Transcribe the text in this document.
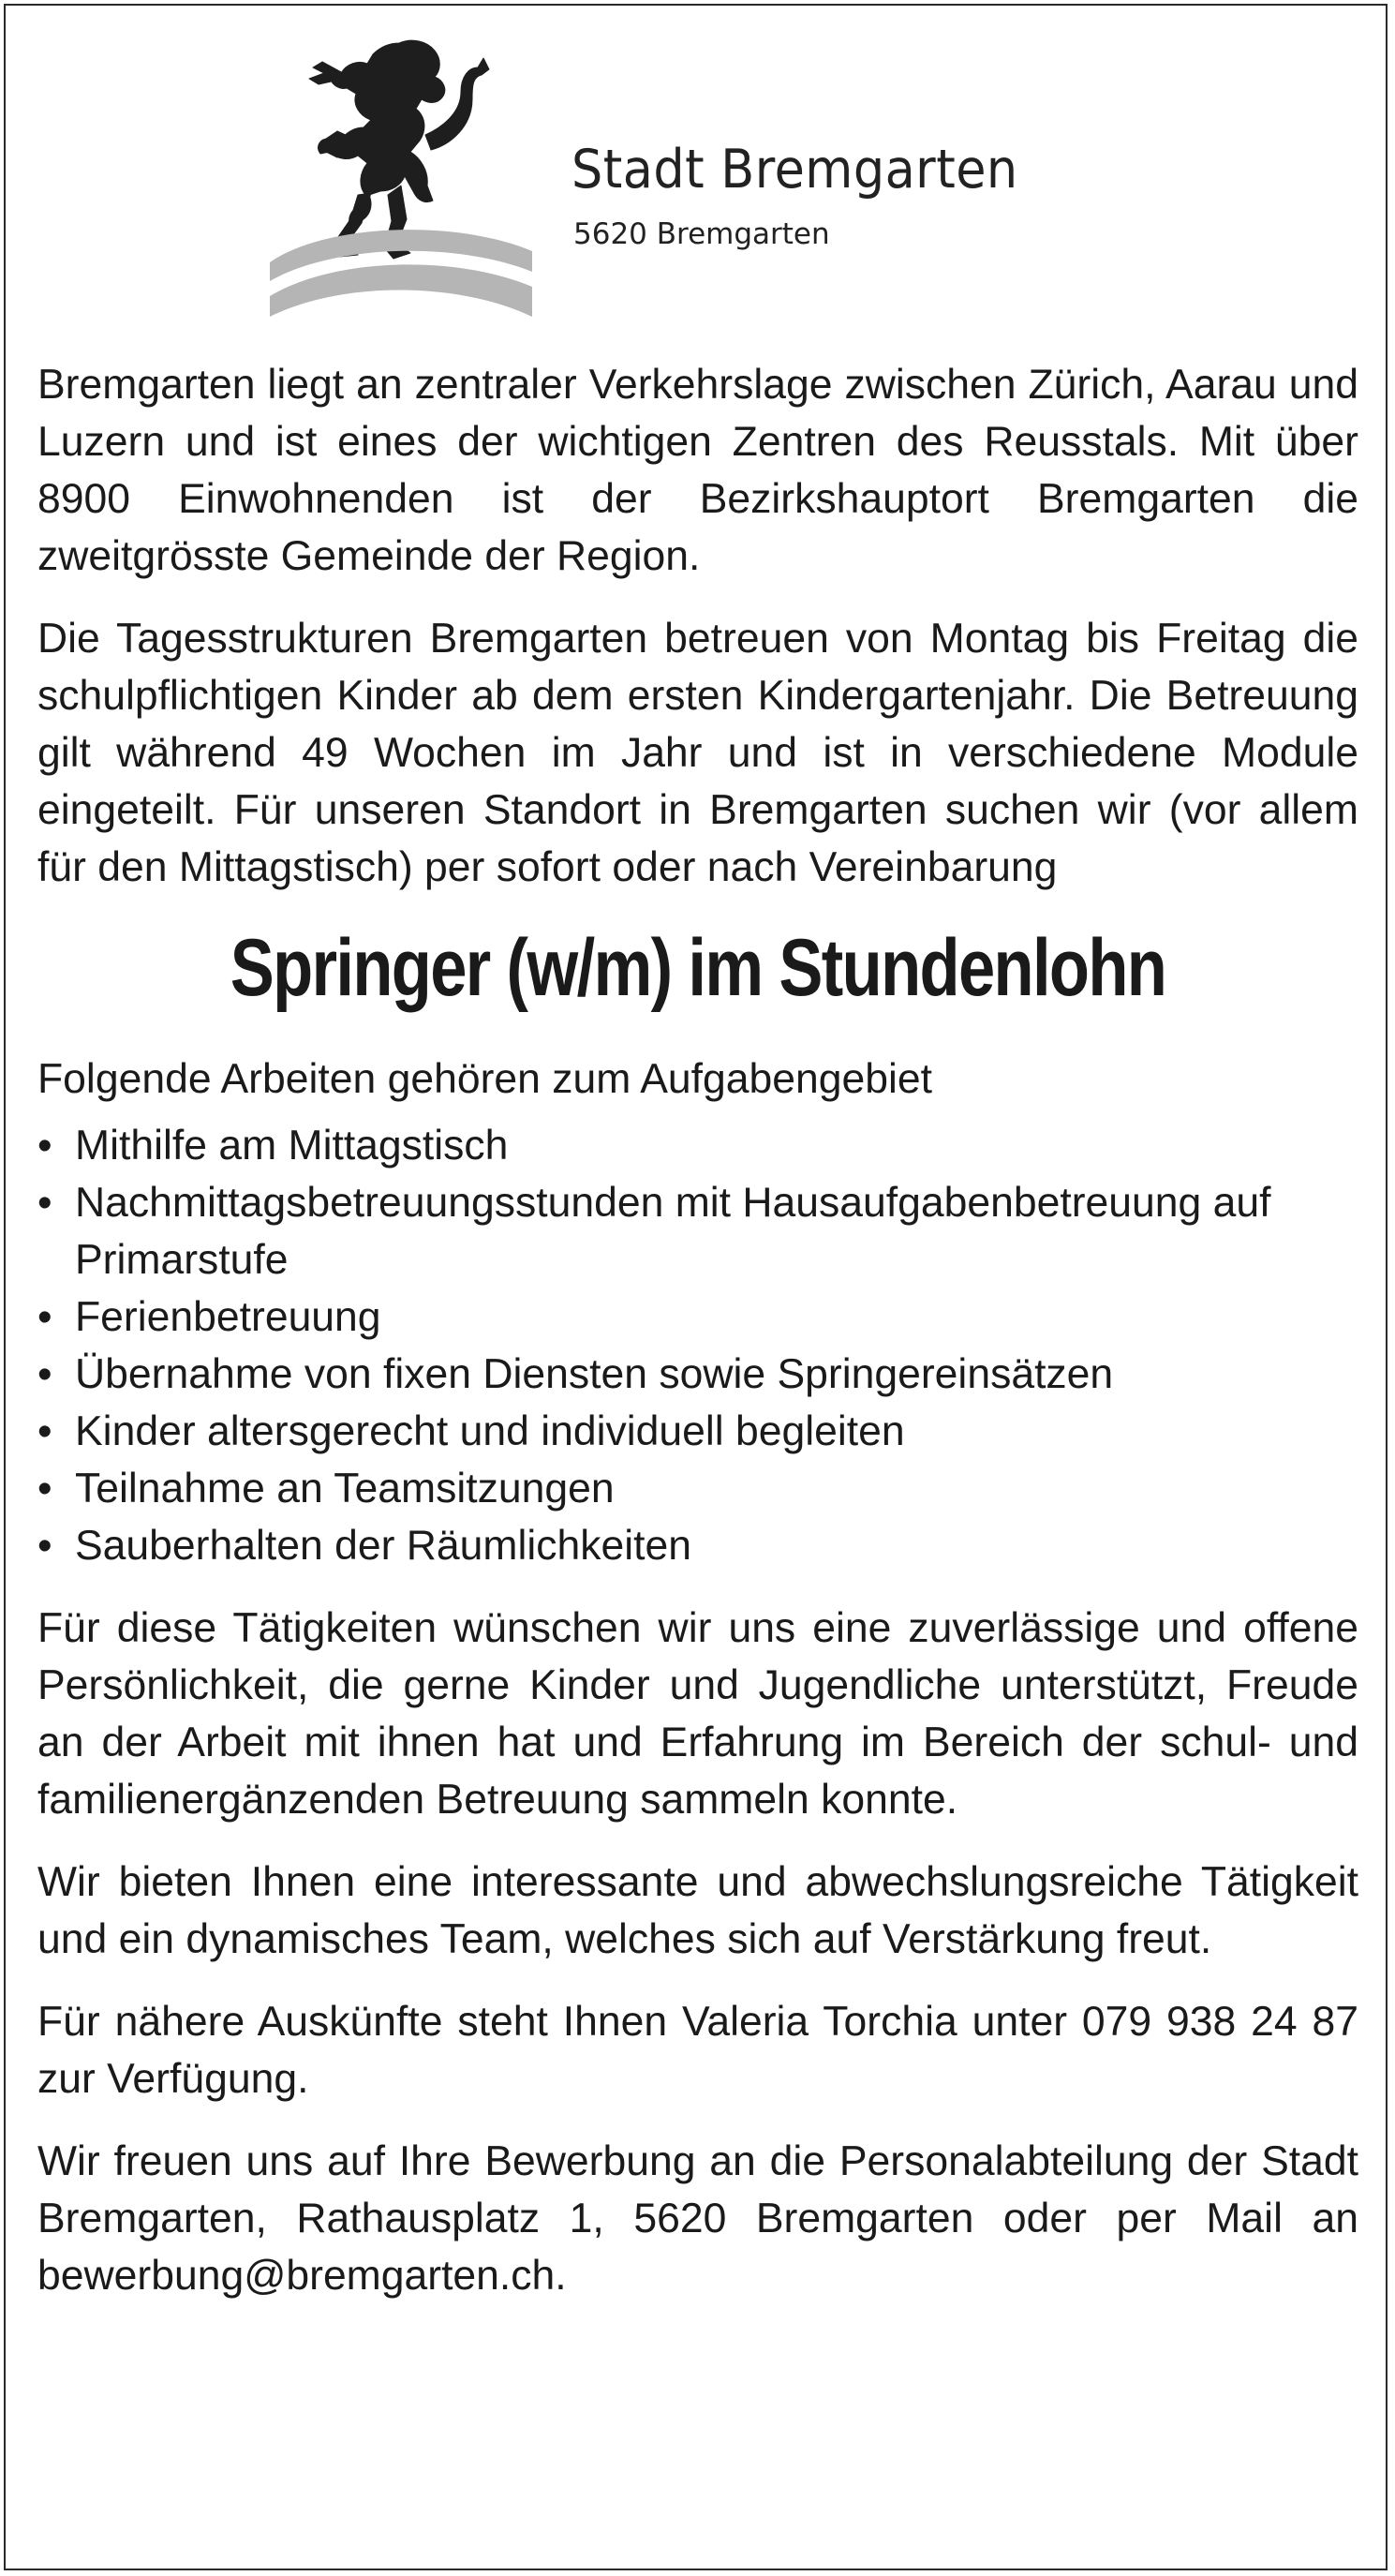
Stadt Bremgarten
5620 Bremgarten

Bremgarten liegt an zentraler Verkehrslage zwischen Zürich, Aarau und Luzern und ist eines der wichtigen Zentren des Reusstals. Mit über 8900 Einwohnenden ist der Bezirkshauptort Bremgarten die zweitgrösste Gemeinde der Region.

Die Tagesstrukturen Bremgarten betreuen von Montag bis Freitag die schulpflichtigen Kinder ab dem ersten Kindergartenjahr. Die Betreuung gilt während 49 Wochen im Jahr und ist in verschiedene Module eingeteilt. Für unseren Standort in Bremgarten suchen wir (vor allem für den Mittagstisch) per sofort oder nach Vereinbarung

Springer (w/m) im Stundenlohn
Folgende Arbeiten gehören zum Aufgabengebiet
• Mithilfe am Mittagstisch
• Nachmittagsbetreuungsstunden mit Hausaufgabenbetreuung auf Primarstufe
• Ferienbetreuung
• Übernahme von fixen Diensten sowie Springereinsätzen
• Kinder altersgerecht und individuell begleiten
• Teilnahme an Teamsitzungen
• Sauberhalten der Räumlichkeiten

Für diese Tätigkeiten wünschen wir uns eine zuverlässige und offene Persönlichkeit, die gerne Kinder und Jugendliche unterstützt, Freude an der Arbeit mit ihnen hat und Erfahrung im Bereich der schul- und familienergänzenden Betreuung sammeln konnte.

Wir bieten Ihnen eine interessante und abwechslungsreiche Tätigkeit und ein dynamisches Team, welches sich auf Verstärkung freut.

Für nähere Auskünfte steht Ihnen Valeria Torchia unter 079 938 24 87 zur Verfügung.

Wir freuen uns auf Ihre Bewerbung an die Personalabteilung der Stadt Bremgarten, Rathausplatz 1, 5620 Bremgarten oder per Mail an bewerbung@bremgarten.ch.
